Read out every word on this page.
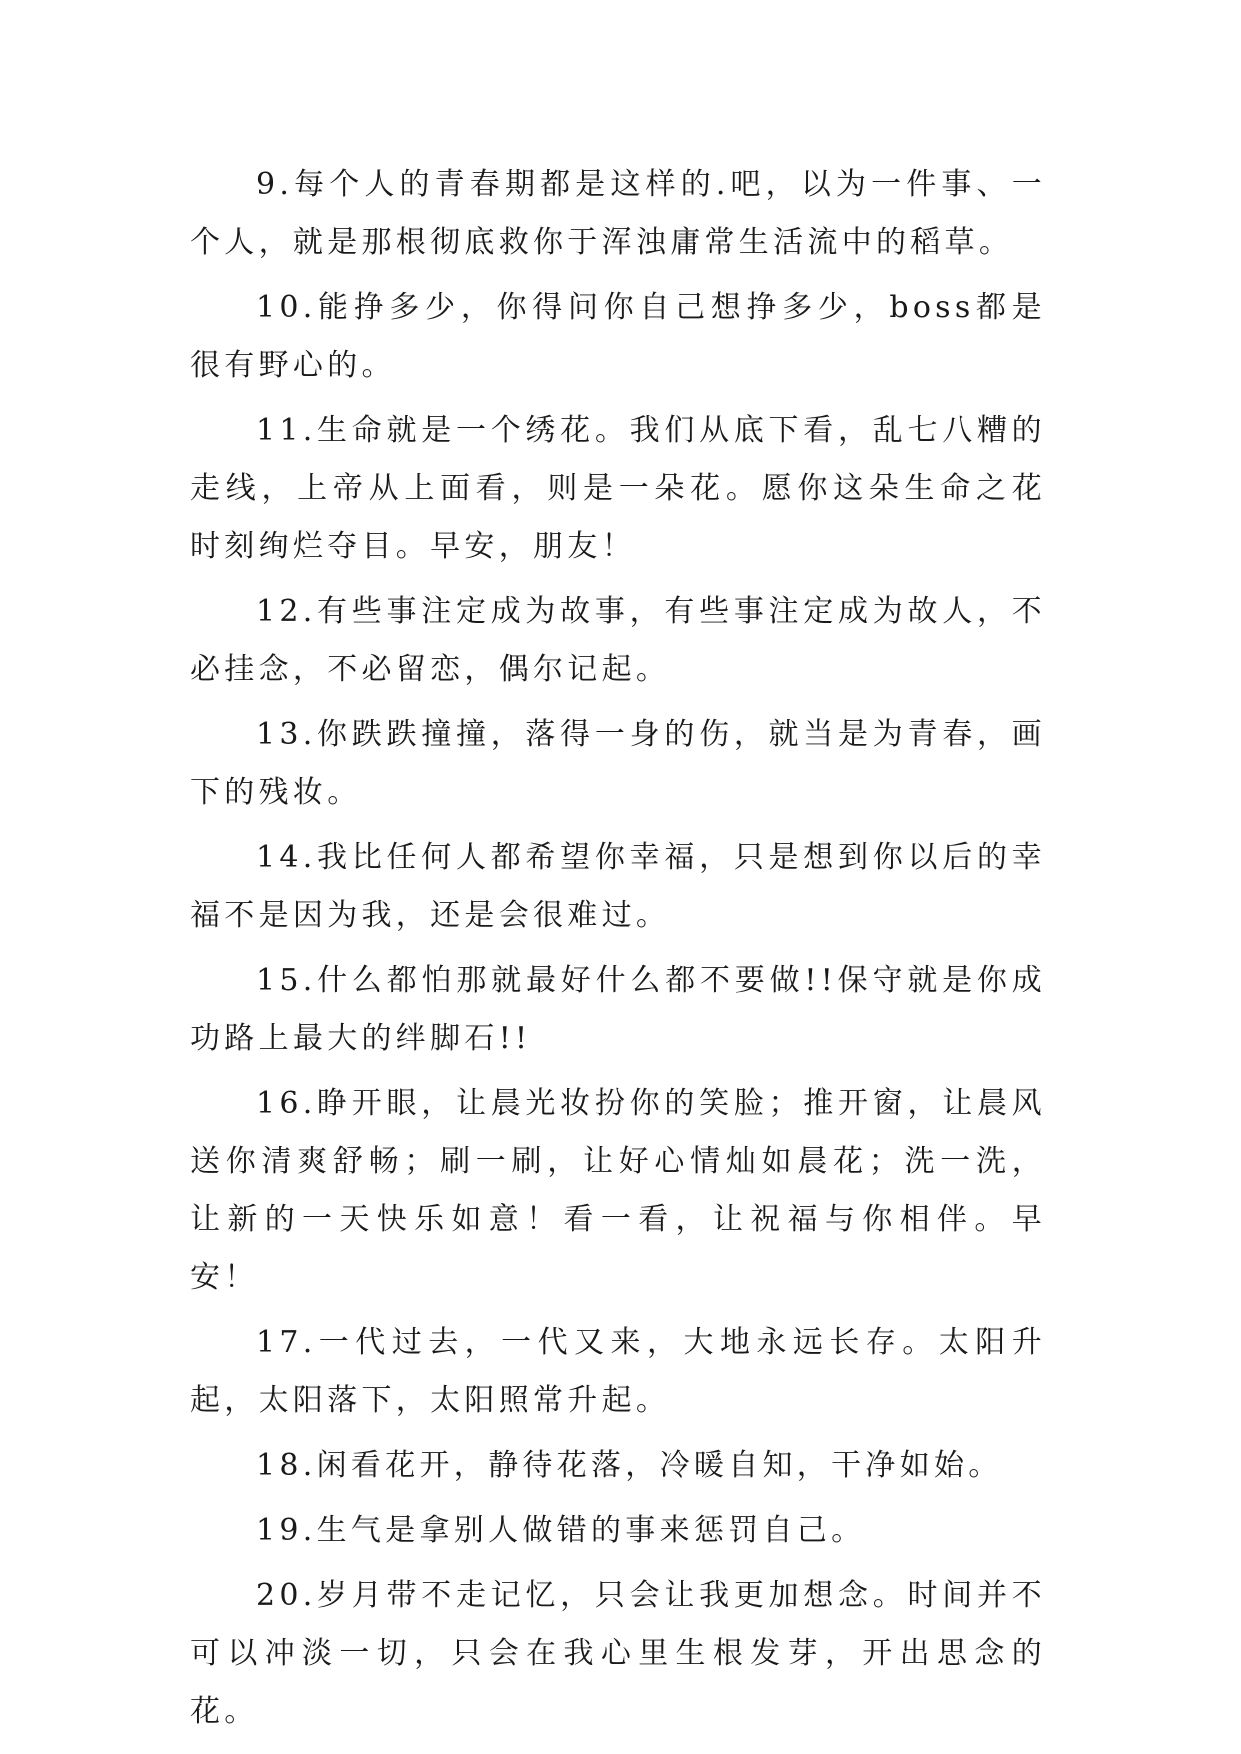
9.每个人的青春期都是这样的.吧，以为一件事、一个人，就是那根彻底救你于浑浊庸常生活流中的稻草。

10.能挣多少，你得问你自己想挣多少，boss都是很有野心的。

11.生命就是一个绣花。我们从底下看，乱七八糟的走线，上帝从上面看，则是一朵花。愿你这朵生命之花时刻绚烂夺目。早安，朋友！

12.有些事注定成为故事，有些事注定成为故人，不必挂念，不必留恋，偶尔记起。

13.你跌跌撞撞，落得一身的伤，就当是为青春，画下的残妆。

14.我比任何人都希望你幸福，只是想到你以后的幸福不是因为我，还是会很难过。

15.什么都怕那就最好什么都不要做!!保守就是你成功路上最大的绊脚石!!

16.睁开眼，让晨光妆扮你的笑脸；推开窗，让晨风送你清爽舒畅；刷一刷，让好心情灿如晨花；洗一洗，让新的一天快乐如意！看一看，让祝福与你相伴。早安！

17.一代过去，一代又来，大地永远长存。太阳升起，太阳落下，太阳照常升起。

18.闲看花开，静待花落，冷暖自知，干净如始。

19.生气是拿别人做错的事来惩罚自己。

20.岁月带不走记忆，只会让我更加想念。时间并不可以冲淡一切，只会在我心里生根发芽，开出思念的花。
